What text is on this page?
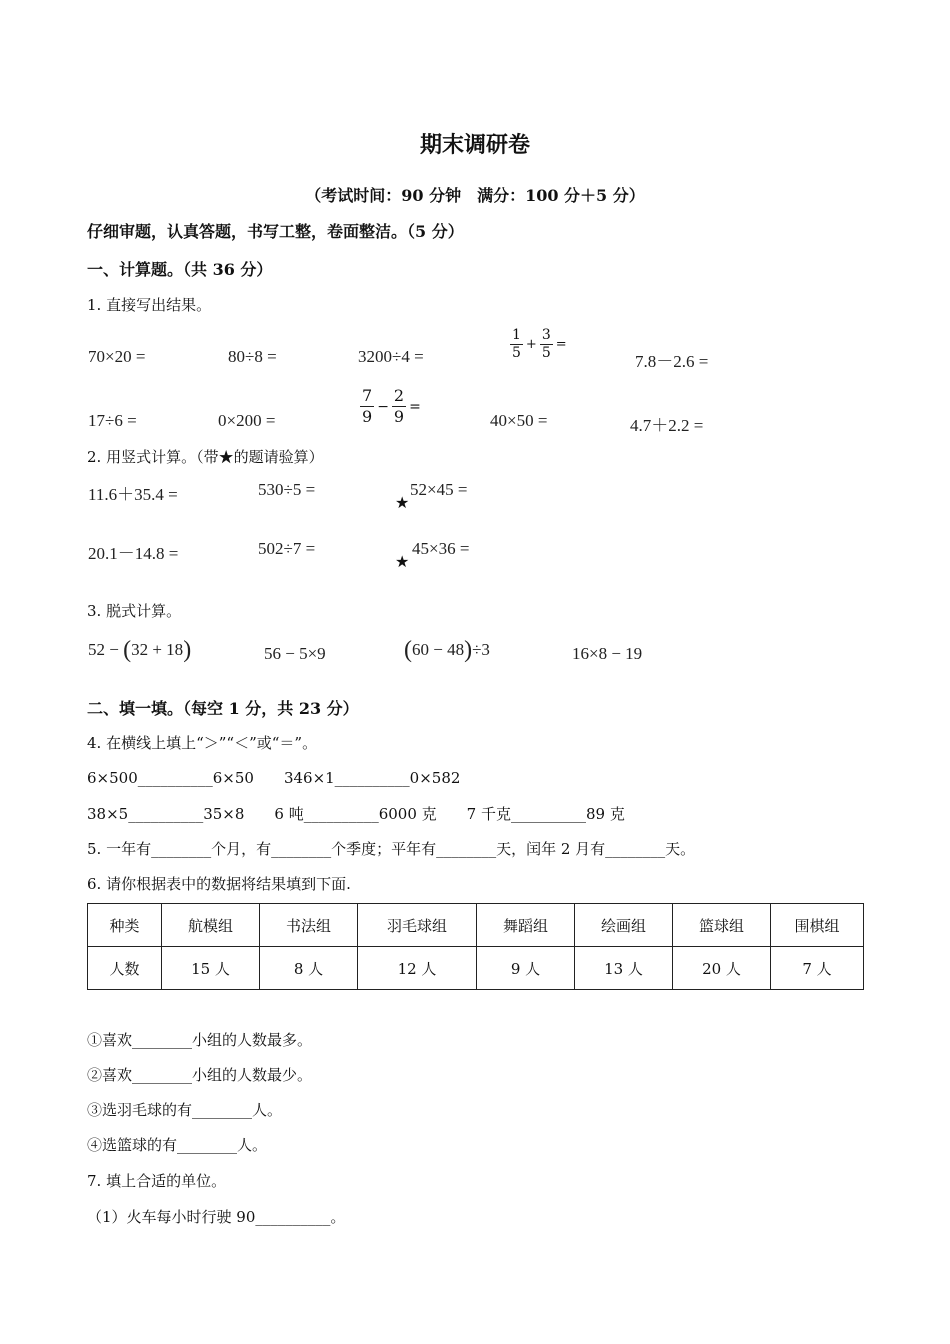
期末调研卷
（考试时间：90 分钟　满分：100 分＋5 分）
仔细审题，认真答题，书写工整，卷面整洁。（5 分）
一、计算题。（共 36 分）
1. 直接写出结果。
70×20 =	80÷8 =	3200÷4 =	$\frac{1}{5} + \frac{3}{5}$ =
7.8－2.6 =
17÷6 =	0×200 =	$\frac{7}{9} - \frac{2}{9}$ =
40×50 =	4.7＋2.2 =
2. 用竖式计算。（带★的题请验算）
11.6＋35.4 =	530÷5 =	52×45 =
★
20.1－14.8 =	502÷7 =	45×36 =
★
3. 脱式计算。
52 − (32 + 18)	56 − 5×9	(60 − 48)÷3	16×8 − 19
二、填一填。（每空 1 分，共 23 分）
4. 在横线上填上“＞”“＜”或“＝”。
6×500__________6×50　　346×1__________0×582
38×5__________35×8　　6 吨__________6000 克　　7 千克__________89 克
5. 一年有________个月，有________个季度；平年有________天，闰年 2 月有________天。
6. 请你根据表中的数据将结果填到下面.
种类	航模组	书法组	羽毛球组	舞蹈组	绘画组	篮球组	围棋组
人数	15 人	8 人	12 人	9 人	13 人	20 人	7 人
①喜欢________小组的人数最多。
②喜欢________小组的人数最少。
③选羽毛球的有________人。
④选篮球的有________人。
7. 填上合适的单位。
（1）火车每小时行驶 90__________。
